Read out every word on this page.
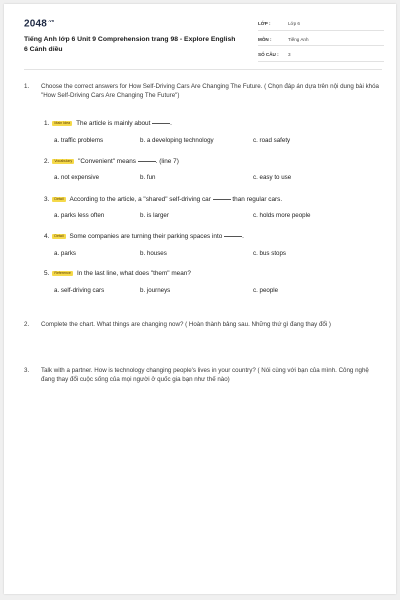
$2048^{.vn}$
Tiếng Anh lớp 6 Unit 9 Comprehension trang 98 - Explore English 6 Cánh diều
LỚP :	Lớp 6
MÔN :	Tiếng Anh
SỐ CÂU :	3
1. Choose the correct answers for How Self-Driving Cars Are Changing The Future. ( Chọn đáp án dựa trên nội dung bài khóa "How Self-Driving Cars Are Changing The Future")
1. Main Idea The article is mainly about	.
a. traffic problems	b. a developing technology	c. road safety
2. Vocabulary "Convenient" means	. (line 7)
a. not expensive	b. fun	c. easy to use
3. Detail According to the article, a "shared" self-driving car	than regular cars.
a. parks less often	b. is larger	c. holds more people
4. Detail Some companies are turning their parking spaces into	.
a. parks	b. houses	c. bus stops
5. Reference In the last line, what does "them" mean?
a. self-driving cars	b. journeys	c. people
2. Complete the chart. What things are changing now? ( Hoàn thành bảng sau. Những thứ gì đang thay đổi )
3. Talk with a partner. How is technology changing people's lives in your country? ( Nói cùng với bạn của mình. Công nghệ đang thay đổi cuộc sống của mọi người ở quốc gia bạn như thế nào)
